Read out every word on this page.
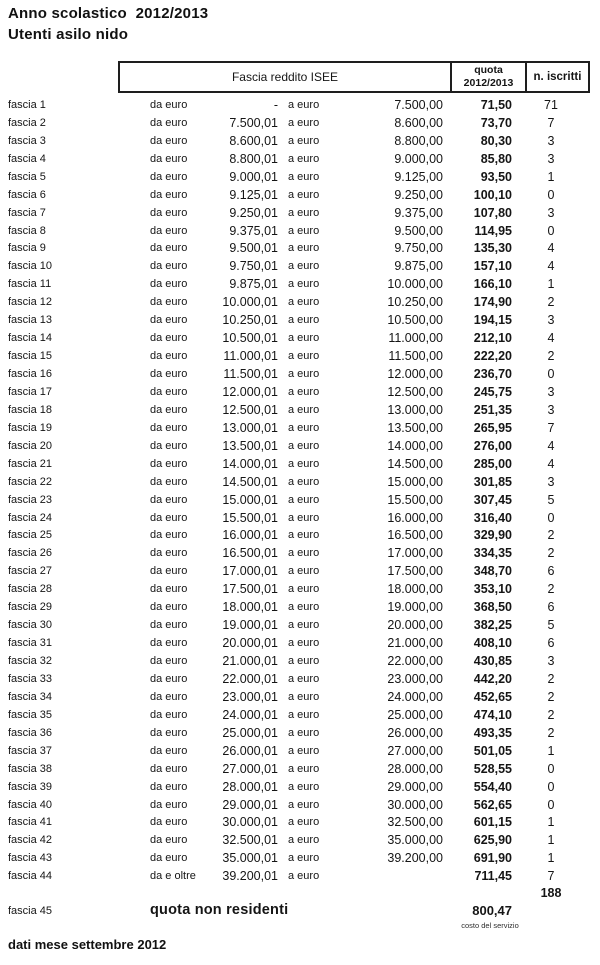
Anno scolastico  2012/2013
Utenti asilo nido
Fascia reddito ISEE
quota
2012/2013	n. iscritti
fascia 1	da euro	- a euro	7.500,00	71,50	71
fascia 2	da euro	7.500,01 a euro	8.600,00	73,70	7
fascia 3	da euro	8.600,01 a euro	8.800,00	80,30	3
fascia 4	da euro	8.800,01 a euro	9.000,00	85,80	3
fascia 5	da euro	9.000,01 a euro	9.125,00	93,50	1
fascia 6	da euro	9.125,01 a euro	9.250,00	100,10	0
fascia 7	da euro	9.250,01 a euro	9.375,00	107,80	3
fascia 8	da euro	9.375,01 a euro	9.500,00	114,95	0
fascia 9	da euro	9.500,01 a euro	9.750,00	135,30	4
fascia 10	da euro	9.750,01 a euro	9.875,00	157,10	4
fascia 11	da euro	9.875,01 a euro	10.000,00	166,10	1
fascia 12	da euro	10.000,01 a euro	10.250,00	174,90	2
fascia 13	da euro	10.250,01 a euro	10.500,00	194,15	3
fascia 14	da euro	10.500,01 a euro	11.000,00	212,10	4
fascia 15	da euro	11.000,01 a euro	11.500,00	222,20	2
fascia 16	da euro	11.500,01 a euro	12.000,00	236,70	0
fascia 17	da euro	12.000,01 a euro	12.500,00	245,75	3
fascia 18	da euro	12.500,01 a euro	13.000,00	251,35	3
fascia 19	da euro	13.000,01 a euro	13.500,00	265,95	7
fascia 20	da euro	13.500,01 a euro	14.000,00	276,00	4
fascia 21	da euro	14.000,01 a euro	14.500,00	285,00	4
fascia 22	da euro	14.500,01 a euro	15.000,00	301,85	3
fascia 23	da euro	15.000,01 a euro	15.500,00	307,45	5
fascia 24	da euro	15.500,01 a euro	16.000,00	316,40	0
fascia 25	da euro	16.000,01 a euro	16.500,00	329,90	2
fascia 26	da euro	16.500,01 a euro	17.000,00	334,35	2
fascia 27	da euro	17.000,01 a euro	17.500,00	348,70	6
fascia 28	da euro	17.500,01 a euro	18.000,00	353,10	2
fascia 29	da euro	18.000,01 a euro	19.000,00	368,50	6
fascia 30	da euro	19.000,01 a euro	20.000,00	382,25	5
fascia 31	da euro	20.000,01 a euro	21.000,00	408,10	6
fascia 32	da euro	21.000,01 a euro	22.000,00	430,85	3
fascia 33	da euro	22.000,01 a euro	23.000,00	442,20	2
fascia 34	da euro	23.000,01 a euro	24.000,00	452,65	2
fascia 35	da euro	24.000,01 a euro	25.000,00	474,10	2
fascia 36	da euro	25.000,01 a euro	26.000,00	493,35	2
fascia 37	da euro	26.000,01 a euro	27.000,00	501,05	1
fascia 38	da euro	27.000,01 a euro	28.000,00	528,55	0
fascia 39	da euro	28.000,01 a euro	29.000,00	554,40	0
fascia 40	da euro	29.000,01 a euro	30.000,00	562,65	0
fascia 41	da euro	30.000,01 a euro	32.500,00	601,15	1
fascia 42	da euro	32.500,01 a euro	35.000,00	625,90	1
fascia 43	da euro	35.000,01 a euro	39.200,00	691,90	1
fascia 44	da e oltre	39.200,01 a euro	711,45	7
188
fascia 45	quota non residenti	800,47
costo del servizio
dati mese settembre 2012
